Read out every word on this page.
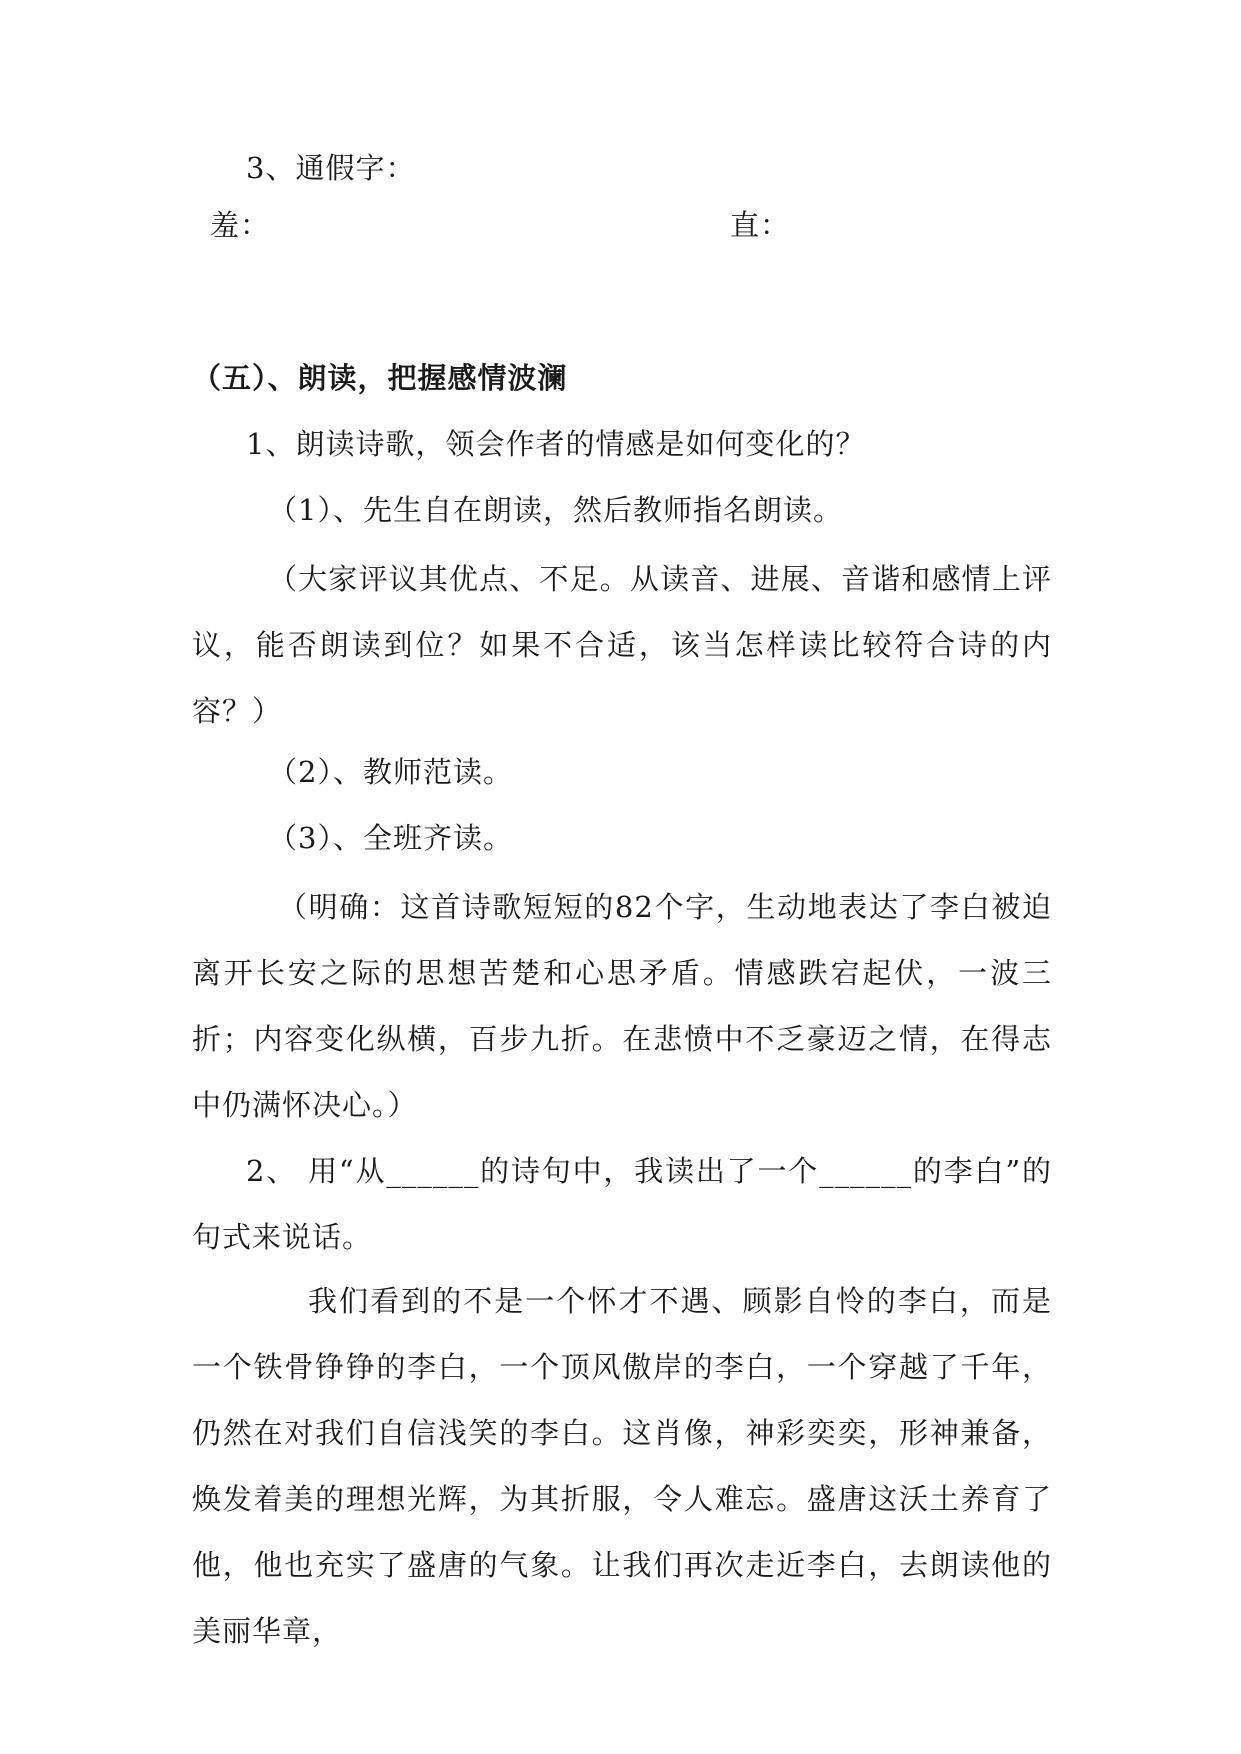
3、通假字：
羞：	直：
（五）、朗读，把握感情波澜
1、朗读诗歌，领会作者的情感是如何变化的？
（1）、先生自在朗读，然后教师指名朗读。
（大家评议其优点、不足。从读音、进展、音谐和感情上评议，能否朗读到位？如果不合适，该当怎样读比较符合诗的内容？）
（2）、教师范读。
（3）、全班齐读。
（明确：这首诗歌短短的82个字，生动地表达了李白被迫离开长安之际的思想苦楚和心思矛盾。情感跌宕起伏，一波三折；内容变化纵横，百步九折。在悲愤中不乏豪迈之情，在得志中仍满怀决心。）
2、 用“从______的诗句中，我读出了一个______的李白”的句式来说话。
我们看到的不是一个怀才不遇、顾影自怜的李白，而是一个铁骨铮铮的李白，一个顶风傲岸的李白，一个穿越了千年，仍然在对我们自信浅笑的李白。这肖像，神彩奕奕，形神兼备，焕发着美的理想光辉，为其折服，令人难忘。盛唐这沃土养育了他，他也充实了盛唐的气象。让我们再次走近李白，去朗读他的美丽华章，
